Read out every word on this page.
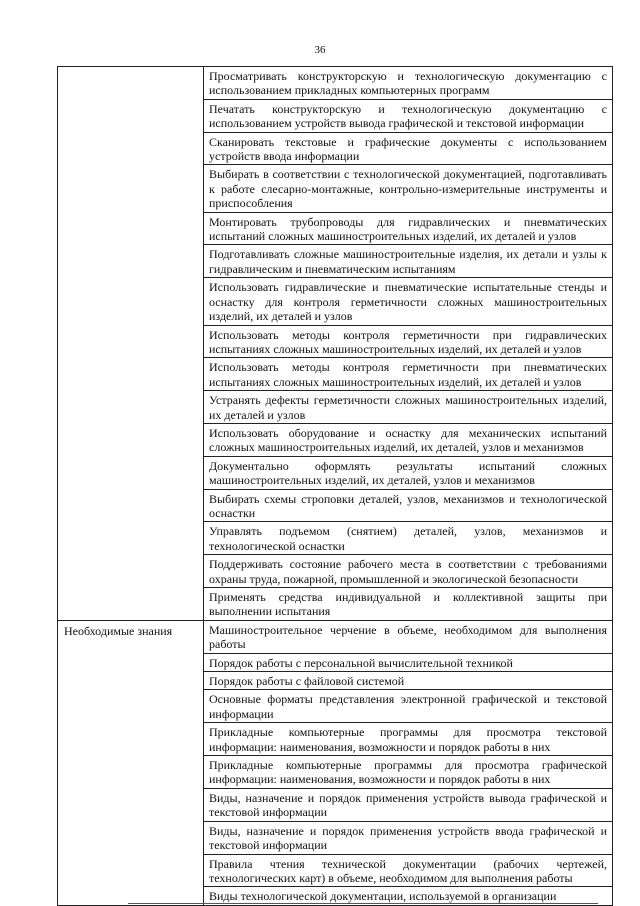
36
	Просматривать конструкторскую и технологическую документацию с использованием прикладных компьютерных программ
	Печатать конструкторскую и технологическую документацию с использованием устройств вывода графической и текстовой информации
	Сканировать текстовые и графические документы с использованием устройств ввода информации
	Выбирать в соответствии с технологической документацией, подготавливать к работе слесарно-монтажные, контрольно-измерительные инструменты и приспособления
	Монтировать трубопроводы для гидравлических и пневматических испытаний сложных машиностроительных изделий, их деталей и узлов
	Подготавливать сложные машиностроительные изделия, их детали и узлы к гидравлическим и пневматическим испытаниям
	Использовать гидравлические и пневматические испытательные стенды и оснастку для контроля герметичности сложных машиностроительных изделий, их деталей и узлов
	Использовать методы контроля герметичности при гидравлических испытаниях сложных машиностроительных изделий, их деталей и узлов
	Использовать методы контроля герметичности при пневматических испытаниях сложных машиностроительных изделий, их деталей и узлов
	Устранять дефекты герметичности сложных машиностроительных изделий, их деталей и узлов
	Использовать оборудование и оснастку для механических испытаний сложных машиностроительных изделий, их деталей, узлов и механизмов
	Документально оформлять результаты испытаний сложных машиностроительных изделий, их деталей, узлов и механизмов
	Выбирать схемы строповки деталей, узлов, механизмов и технологической оснастки
	Управлять подъемом (снятием) деталей, узлов, механизмов и технологической оснастки
	Поддерживать состояние рабочего места в соответствии с требованиями охраны труда, пожарной, промышленной и экологической безопасности
	Применять средства индивидуальной и коллективной защиты при выполнении испытания
Необходимые знания	Машиностроительное черчение в объеме, необходимом для выполнения работы
	Порядок работы с персональной вычислительной техникой
	Порядок работы с файловой системой
	Основные форматы представления электронной графической и текстовой информации
	Прикладные компьютерные программы для просмотра текстовой информации: наименования, возможности и порядок работы в них
	Прикладные компьютерные программы для просмотра графической информации: наименования, возможности и порядок работы в них
	Виды, назначение и порядок применения устройств вывода графической и текстовой информации
	Виды, назначение и порядок применения устройств ввода графической и текстовой информации
	Правила чтения технической документации (рабочих чертежей, технологических карт) в объеме, необходимом для выполнения работы
	Виды технологической документации, используемой в организации
